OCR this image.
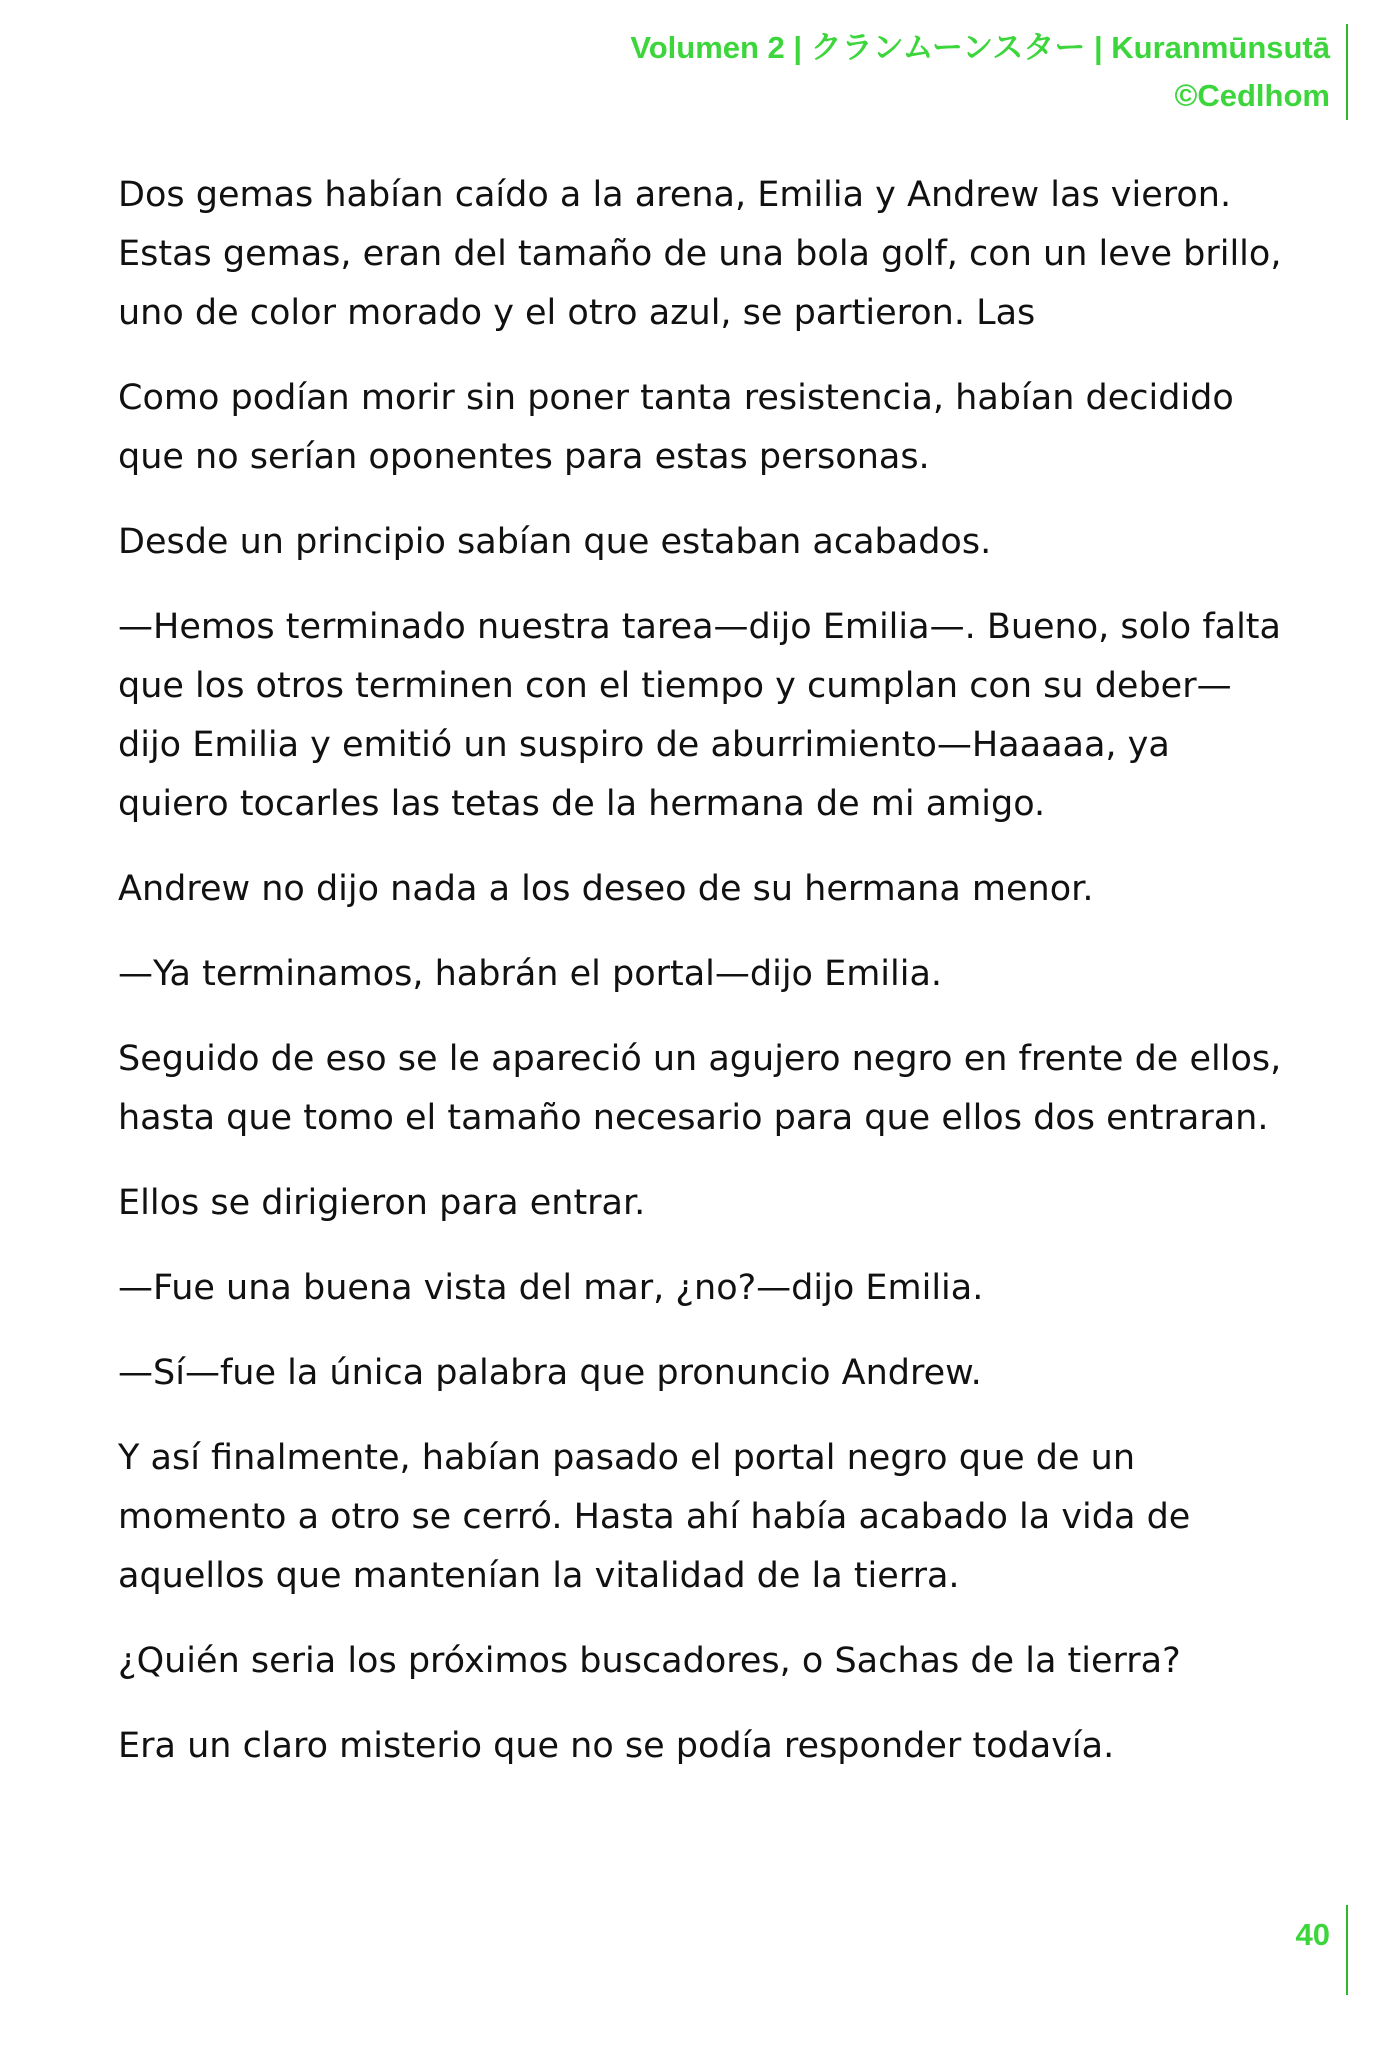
Volumen 2 | クランムーンスター | Kuranmūnsutā
©Cedlhom

Dos gemas habían caído a la arena, Emilia y Andrew las vieron. Estas gemas, eran del tamaño de una bola golf, con un leve brillo, uno de color morado y el otro azul, se partieron. Las

Como podían morir sin poner tanta resistencia, habían decidido que no serían oponentes para estas personas.

Desde un principio sabían que estaban acabados.

—Hemos terminado nuestra tarea—dijo Emilia—. Bueno, solo falta que los otros terminen con el tiempo y cumplan con su deber—dijo Emilia y emitió un suspiro de aburrimiento—Haaaaa, ya quiero tocarles las tetas de la hermana de mi amigo.

Andrew no dijo nada a los deseo de su hermana menor.

—Ya terminamos, habrán el portal—dijo Emilia.

Seguido de eso se le apareció un agujero negro en frente de ellos, hasta que tomo el tamaño necesario para que ellos dos entraran.

Ellos se dirigieron para entrar.

—Fue una buena vista del mar, ¿no?—dijo Emilia.

—Sí—fue la única palabra que pronuncio Andrew.

Y así finalmente, habían pasado el portal negro que de un momento a otro se cerró. Hasta ahí había acabado la vida de aquellos que mantenían la vitalidad de la tierra.

¿Quién seria los próximos buscadores, o Sachas de la tierra?

Era un claro misterio que no se podía responder todavía.

40
